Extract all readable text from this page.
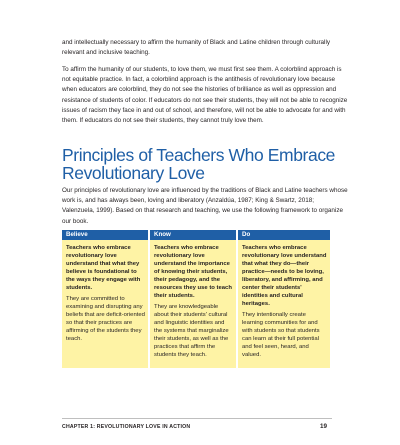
and intellectually necessary to affirm the humanity of Black and Latine children through culturally relevant and inclusive teaching.

To affirm the humanity of our students, to love them, we must first see them. A colorblind approach is not equitable practice. In fact, a colorblind approach is the antithesis of revolutionary love because when educators are colorblind, they do not see the histories of brilliance as well as oppression and resistance of students of color. If educators do not see their students, they will not be able to recognize issues of racism they face in and out of school, and therefore, will not be able to advocate for and with them. If educators do not see their students, they cannot truly love them.

Principles of Teachers Who Embrace
Revolutionary Love

Our principles of revolutionary love are influenced by the traditions of Black and Latine teachers whose work is, and has always been, loving and liberatory (Anzaldúa, 1987; King & Swartz, 2018; Valenzuela, 1999). Based on that research and teaching, we use the following framework to organize our book.

Believe

Teachers who embrace revolutionary love understand that what they believe is foundational to the ways they engage with students.

They are committed to examining and disrupting any beliefs that are deficit-oriented so that their practices are affirming of the students they teach.

Know

Teachers who embrace revolutionary love understand the importance of knowing their students, their pedagogy, and the resources they use to teach their students.

They are knowledgeable about their students' cultural and linguistic identities and the systems that marginalize their students, as well as the practices that affirm the students they teach.

Do

Teachers who embrace revolutionary love understand that what they do—their practice—needs to be loving, liberatory, and affirming, and center their students' identities and cultural heritages.

They intentionally create learning communities for and with students so that students can learn at their full potential and feel seen, heard, and valued.

CHAPTER 1: REVOLUTIONARY LOVE IN ACTION	19
